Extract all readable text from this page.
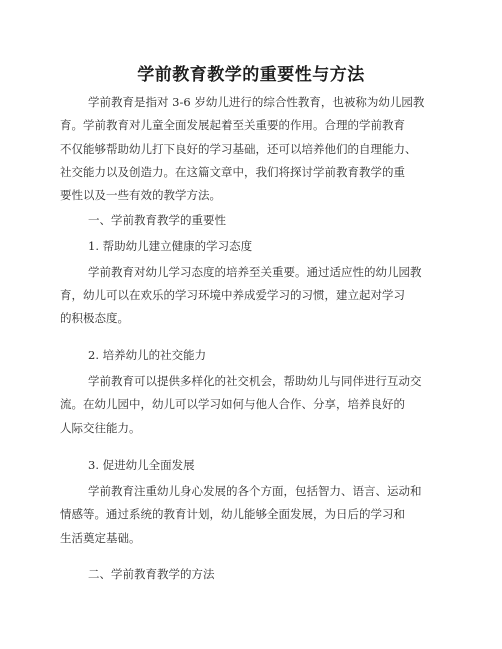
学前教育教学的重要性与方法
学前教育是指对 3-6 岁幼儿进行的综合性教育，也被称为幼儿园教
育。学前教育对儿童全面发展起着至关重要的作用。合理的学前教育
不仅能够帮助幼儿打下良好的学习基础，还可以培养他们的自理能力、
社交能力以及创造力。在这篇文章中，我们将探讨学前教育教学的重
要性以及一些有效的教学方法。
一、学前教育教学的重要性
1. 帮助幼儿建立健康的学习态度
学前教育对幼儿学习态度的培养至关重要。通过适应性的幼儿园教
育，幼儿可以在欢乐的学习环境中养成爱学习的习惯，建立起对学习
的积极态度。
2. 培养幼儿的社交能力
学前教育可以提供多样化的社交机会，帮助幼儿与同伴进行互动交
流。在幼儿园中，幼儿可以学习如何与他人合作、分享，培养良好的
人际交往能力。
3. 促进幼儿全面发展
学前教育注重幼儿身心发展的各个方面，包括智力、语言、运动和
情感等。通过系统的教育计划，幼儿能够全面发展，为日后的学习和
生活奠定基础。
二、学前教育教学的方法
